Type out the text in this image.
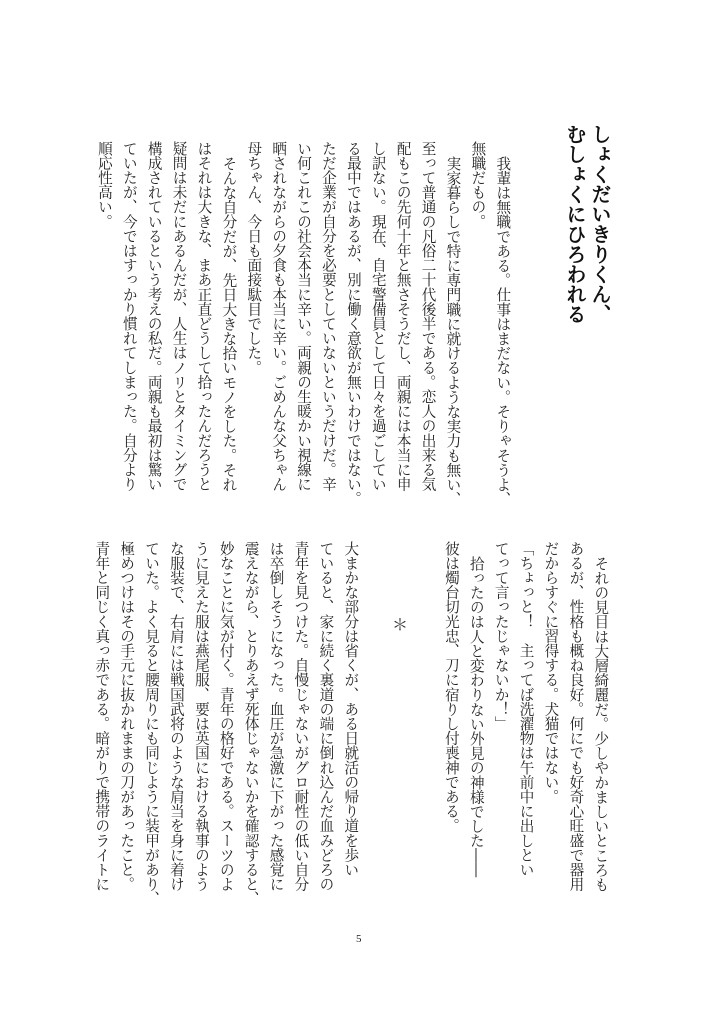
しょくだいきりくん、
むしょくにひろわれる
我輩は無職である。仕事はまだない。そりゃそうよ、
無職だもの。
実家暮らしで特に専門職に就けるような実力も無い、
至って普通の凡俗二十代後半である。恋人の出来る気
配もこの先何十年と無さそうだし、両親には本当に申
し訳ない。現在、自宅警備員として日々を過ごしてい
る最中ではあるが、別に働く意欲が無いわけではない。
ただ企業が自分を必要としていないというだけだ。辛
い何これこの社会本当に辛い。両親の生暖かい視線に
晒されながらの夕食も本当に辛い。ごめんな父ちゃん
母ちゃん、今日も面接駄目でした。
そんな自分だが、先日大きな拾いモノをした。それ
はそれは大きな、まあ正直どうして拾ったんだろうと
疑問は未だにあるんだが、人生はノリとタイミングで
構成されているという考えの私だ。両親も最初は驚い
ていたが、今ではすっかり慣れてしまった。自分より
順応性高い。
それの見目は大層綺麗だ。少しやかましいところも
あるが、性格も概ね良好。何にでも好奇心旺盛で器用
だからすぐに習得する。犬猫ではない。
「ちょっと！　主ってば洗濯物は午前中に出しとい
てって言ったじゃないか！」
拾ったのは人と変わりない外見の神様でした――
彼は燭台切光忠、刀に宿りし付喪神である。
＊
大まかな部分は省くが、ある日就活の帰り道を歩い
ていると、家に続く裏道の端に倒れ込んだ血みどろの
青年を見つけた。自慢じゃないがグロ耐性の低い自分
は卒倒しそうになった。血圧が急激に下がった感覚に
震えながら、とりあえず死体じゃないかを確認すると、
妙なことに気が付く。青年の格好である。スーツのよ
うに見えた服は燕尾服、要は英国における執事のよう
な服装で、右肩には戦国武将のような肩当を身に着け
ていた。よく見ると腰周りにも同じように装甲があり、
極めつけはその手元に抜かれままの刀があったこと。
青年と同じく真っ赤である。暗がりで携帯のライトに
5
